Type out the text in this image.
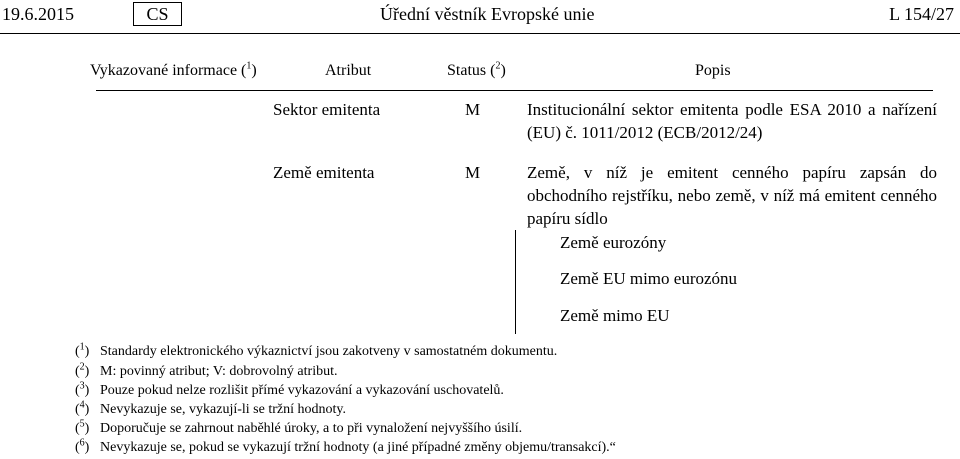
19.6.2015	CS	Úřední věstník Evropské unie	L 154/27
Vykazované informace ($^1$)	Atribut	Status ($^2$)	Popis
Sektor emitenta	M	Institucionální sektor emitenta podle ESA 2010 a nařízení (EU) č. 1011/2012 (ECB/2012/24)
Země emitenta	M	Země, v níž je emitent cenného papíru zapsán do obchodního rejstříku, nebo země, v níž má emitent cenného papíru sídlo
Země eurozóny
Země EU mimo eurozónu
Země mimo EU
($^1$) Standardy elektronického výkaznictví jsou zakotveny v samostatném dokumentu.
($^2$) M: povinný atribut; V: dobrovolný atribut.
($^3$) Pouze pokud nelze rozlišit přímé vykazování a vykazování uschovatelů.
($^4$) Nevykazuje se, vykazují-li se tržní hodnoty.
($^5$) Doporučuje se zahrnout naběhlé úroky, a to při vynaložení nejvyššího úsilí.
($^6$) Nevykazuje se, pokud se vykazují tržní hodnoty (a jiné případné změny objemu/transakcí).“
